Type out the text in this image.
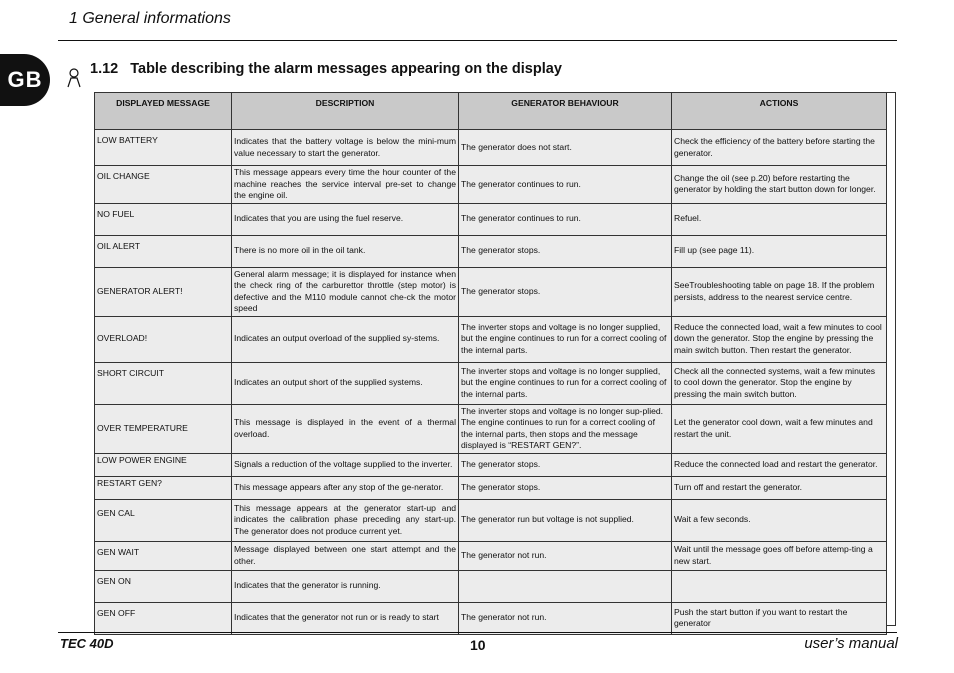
1 General informations
GB	1.12 Table describing the alarm messages appearing on the display
DISPLAYED MESSAGE	DESCRIPTION	GENERATOR BEHAVIOUR	ACTIONS
LOW BATTERY	Indicates that the battery voltage is below the mini-mum value necessary to start the generator.	The generator does not start.	Check the efficiency of the battery before starting the generator.
OIL CHANGE	This message appears every time the hour counter of the machine reaches the service interval pre-set to change the engine oil.	The generator continues to run.	Change the oil (see p.20) before restarting the generator by holding the start button down for longer.
NO FUEL	Indicates that you are using the fuel reserve.	The generator continues to run.	Refuel.
OIL ALERT	There is no more oil in the oil tank.	The generator stops.	Fill up (see page 11).
GENERATOR ALERT!	General alarm message; it is displayed for instance when the check ring of the carburettor throttle (step motor) is defective and the M110 module cannot che-ck the motor speed	The generator stops.	SeeTroubleshooting table on page 18. If the problem persists, address to the nearest service centre.
OVERLOAD!	Indicates an output overload of the supplied sy-stems.	The inverter stops and voltage is no longer supplied, but the engine continues to run for a correct cooling of the internal parts.	Reduce the connected load, wait a few minutes to cool down the generator. Stop the engine by pressing the main switch button. Then restart the generator.
SHORT CIRCUIT	Indicates an output short of the supplied systems.	The inverter stops and voltage is no longer supplied, but the engine continues to run for a correct cooling of the internal parts.	Check all the connected systems, wait a few minutes to cool down the generator. Stop the engine by pressing the main switch button.
OVER TEMPERATURE	This message is displayed in the event of a thermal overload.	The inverter stops and voltage is no longer sup-plied. The engine continues to run for a correct cooling of the internal parts, then stops and the message displayed is “RESTART GEN?”.	Let the generator cool down, wait a few minutes and restart the unit.
LOW POWER ENGINE	Signals a reduction of the voltage supplied to the inverter.	The generator stops.	Reduce the connected load and restart the generator.
RESTART GEN?	This message appears after any stop of the ge-nerator.	The generator stops.	Turn off and restart the generator.
GEN CAL	This message appears at the generator start-up and indicates the calibration phase preceding any start-up. The generator does not produce current yet.	The generator run but voltage is not supplied.	Wait a few seconds.
GEN WAIT	Message displayed between one start attempt and the other.	The generator not run.	Wait until the message goes off before attemp-ting a new start.
GEN ON	Indicates that the generator is running.		
GEN OFF	Indicates that the generator not run or is ready to start	The generator not run.	Push the start button if you want to restart the generator
TEC 40D	10	user’s manual
